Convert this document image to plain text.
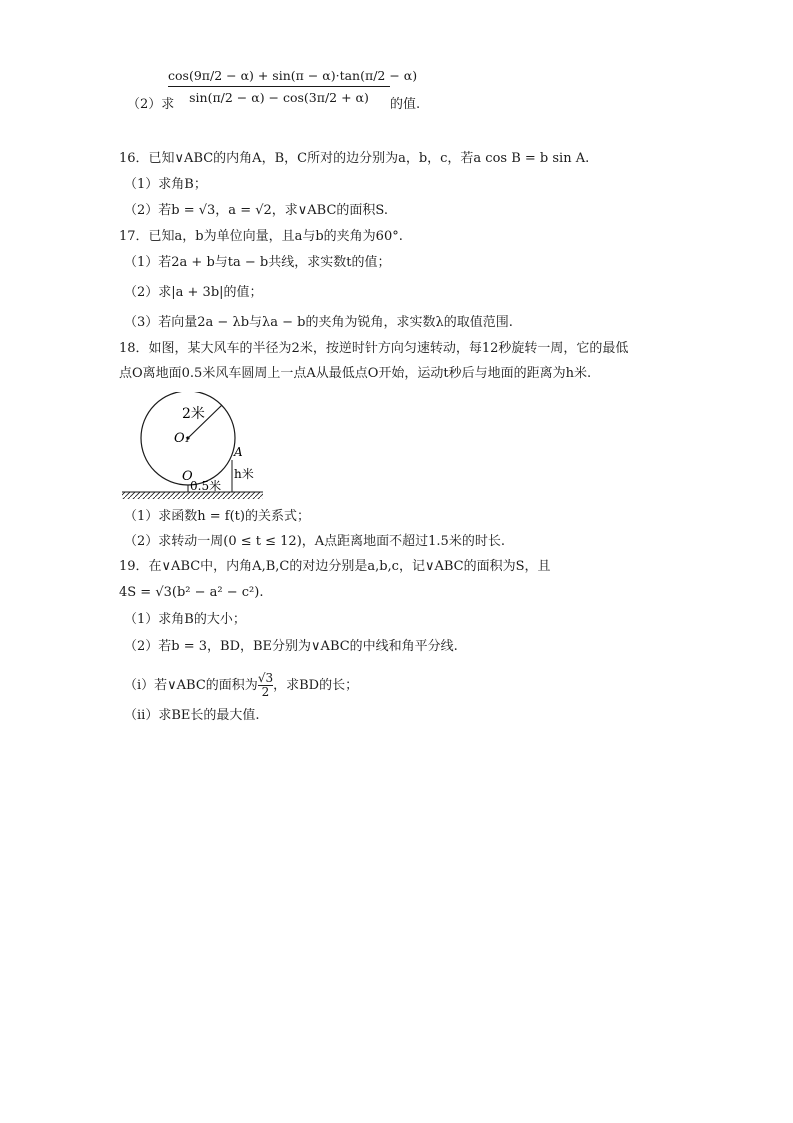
（2）求
$\frac{\cos(9\pi/2 - \alpha) + \sin(\pi - \alpha)\cdot\tan(\pi/2 - \alpha)}{\sin(\pi/2 - \alpha) - \cos(3\pi/2 + \alpha)}$ 的值.
16．已知∨ABC的内角A，B，C所对的边分别为a，b，c，若a cos B = b sin A.
（1）求角B；
（2）若b = √3，a = √2，求∨ABC的面积S.
17．已知a，b为单位向量，且a与b的夹角为60°.
（1）若2a + b与ta − b共线，求实数t的值；
（2）求|a + 3b|的值；
（3）若向量2a − λb与λa − b的夹角为锐角，求实数λ的取值范围.
18．如图，某大风车的半径为2米，按逆时针方向匀速转动，每12秒旋转一周，它的最低
点O离地面0.5米风车圆周上一点A从最低点O开始，运动t秒后与地面的距离为h米.
2米
O₁
A
O	h米
0.5米
（1）求函数h = f(t)的关系式；
（2）求转动一周(0 ≤ t ≤ 12)，A点距离地面不超过1.5米的时长.
19．在∨ABC中，内角A,B,C的对边分别是a,b,c，记∨ABC的面积为S，且
4S = √3(b² − a² − c²).
（1）求角B的大小；
（2）若b = 3，BD，BE分别为∨ABC的中线和角平分线.
（i）若∨ABC的面积为 $\frac{√3}{2}$ ，求BD的长；
（ii）求BE长的最大值.
